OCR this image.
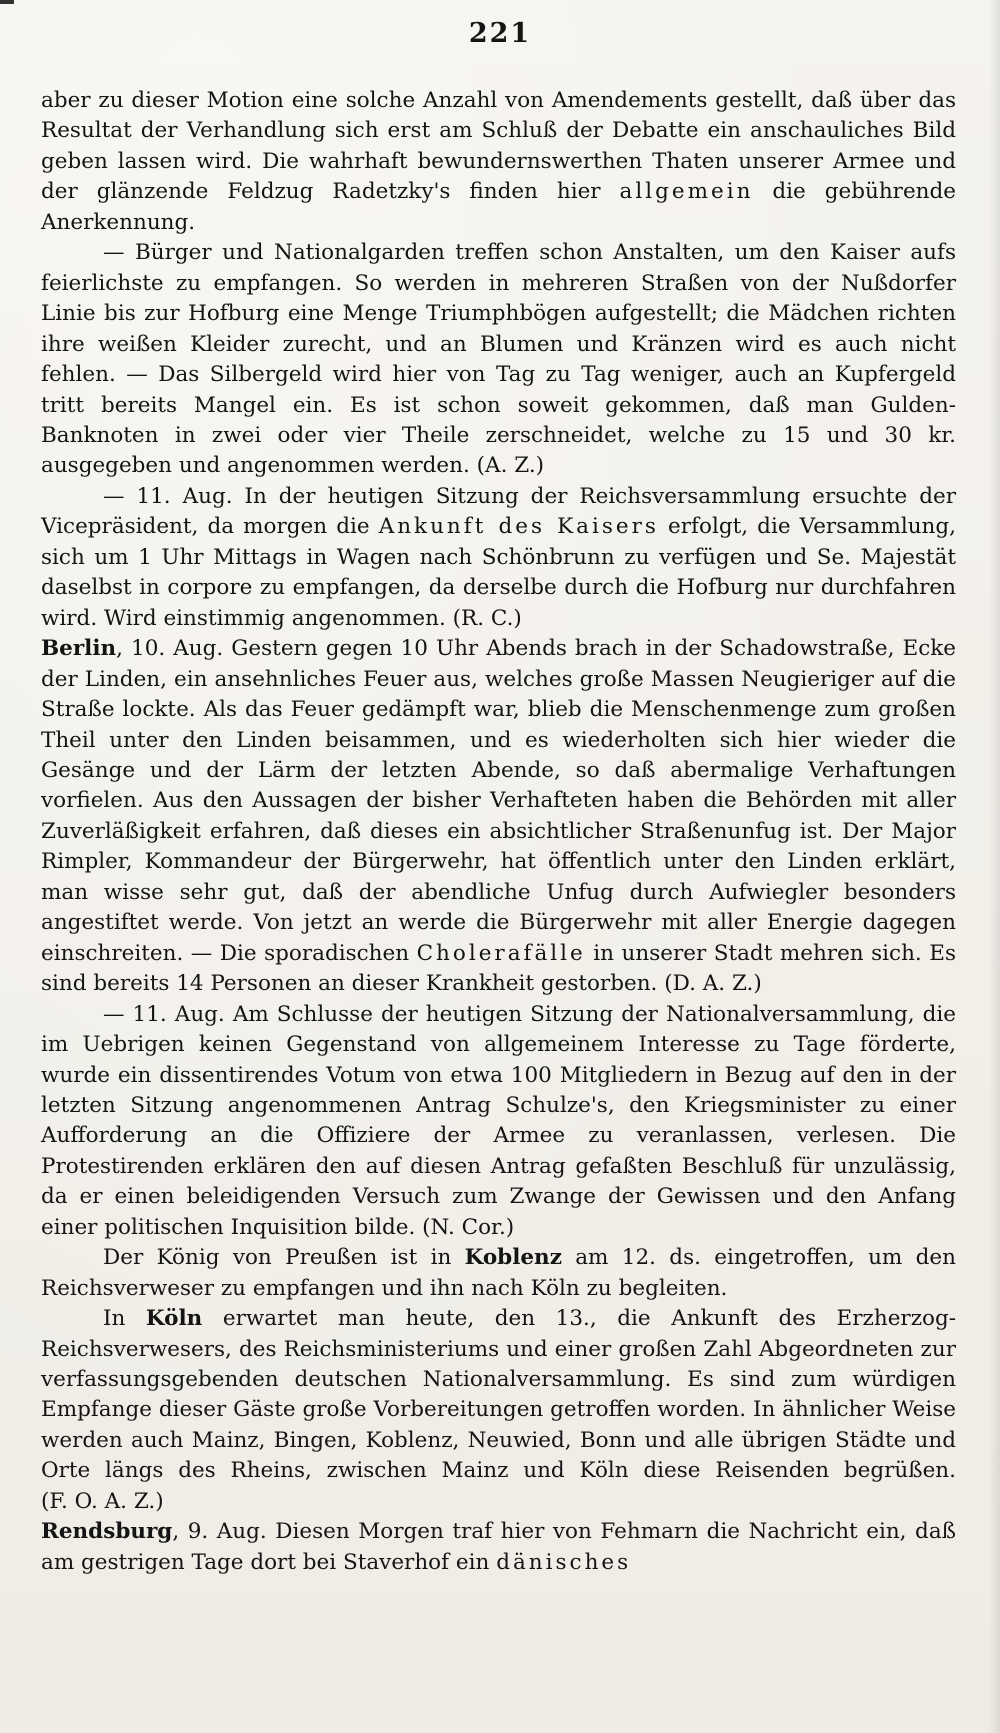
221

aber zu dieser Motion eine solche Anzahl von Amendements gestellt, daß über das Resultat der Verhandlung sich erst am Schluß der Debatte ein anschauliches Bild geben lassen wird. Die wahrhaft bewundernswerthen Thaten unserer Armee und der glänzende Feldzug Radetzky's finden hier allgemein die gebührende Anerkennung.

— Bürger und Nationalgarden treffen schon Anstalten, um den Kaiser aufs feierlichste zu empfangen. So werden in mehreren Straßen von der Nußdorfer Linie bis zur Hofburg eine Menge Triumphbögen aufgestellt; die Mädchen richten ihre weißen Kleider zurecht, und an Blumen und Kränzen wird es auch nicht fehlen. — Das Silbergeld wird hier von Tag zu Tag weniger, auch an Kupfergeld tritt bereits Mangel ein. Es ist schon soweit gekommen, daß man Gulden-Banknoten in zwei oder vier Theile zerschneidet, welche zu 15 und 30 kr. ausgegeben und angenommen werden. (A. Z.)

— 11. Aug. In der heutigen Sitzung der Reichsversammlung ersuchte der Vicepräsident, da morgen die Ankunft des Kaisers erfolgt, die Versammlung, sich um 1 Uhr Mittags in Wagen nach Schönbrunn zu verfügen und Se. Majestät daselbst in corpore zu empfangen, da derselbe durch die Hofburg nur durchfahren wird. Wird einstimmig angenommen. (R. C.)

Berlin, 10. Aug. Gestern gegen 10 Uhr Abends brach in der Schadowstraße, Ecke der Linden, ein ansehnliches Feuer aus, welches große Massen Neugieriger auf die Straße lockte. Als das Feuer gedämpft war, blieb die Menschenmenge zum großen Theil unter den Linden beisammen, und es wiederholten sich hier wieder die Gesänge und der Lärm der letzten Abende, so daß abermalige Verhaftungen vorfielen. Aus den Aussagen der bisher Verhafteten haben die Behörden mit aller Zuverläßigkeit erfahren, daß dieses ein absichtlicher Straßenunfug ist. Der Major Rimpler, Kommandeur der Bürgerwehr, hat öffentlich unter den Linden erklärt, man wisse sehr gut, daß der abendliche Unfug durch Aufwiegler besonders angestiftet werde. Von jetzt an werde die Bürgerwehr mit aller Energie dagegen einschreiten. — Die sporadischen Cholerafälle in unserer Stadt mehren sich. Es sind bereits 14 Personen an dieser Krankheit gestorben. (D. A. Z.)

— 11. Aug. Am Schlusse der heutigen Sitzung der Nationalversammlung, die im Uebrigen keinen Gegenstand von allgemeinem Interesse zu Tage förderte, wurde ein dissentirendes Votum von etwa 100 Mitgliedern in Bezug auf den in der letzten Sitzung angenommenen Antrag Schulze's, den Kriegsminister zu einer Aufforderung an die Offiziere der Armee zu veranlassen, verlesen. Die Protestirenden erklären den auf diesen Antrag gefaßten Beschluß für unzulässig, da er einen beleidigenden Versuch zum Zwange der Gewissen und den Anfang einer politischen Inquisition bilde. (N. Cor.)

Der König von Preußen ist in Koblenz am 12. ds. eingetroffen, um den Reichsverweser zu empfangen und ihn nach Köln zu begleiten.

In Köln erwartet man heute, den 13., die Ankunft des Erzherzog-Reichsverwesers, des Reichsministeriums und einer großen Zahl Abgeordneten zur verfassungsgebenden deutschen Nationalversammlung. Es sind zum würdigen Empfange dieser Gäste große Vorbereitungen getroffen worden. In ähnlicher Weise werden auch Mainz, Bingen, Koblenz, Neuwied, Bonn und alle übrigen Städte und Orte längs des Rheins, zwischen Mainz und Köln diese Reisenden begrüßen. (F. O. A. Z.)

Rendsburg, 9. Aug. Diesen Morgen traf hier von Fehmarn die Nachricht ein, daß am gestrigen Tage dort bei Staverhof ein dänisches
